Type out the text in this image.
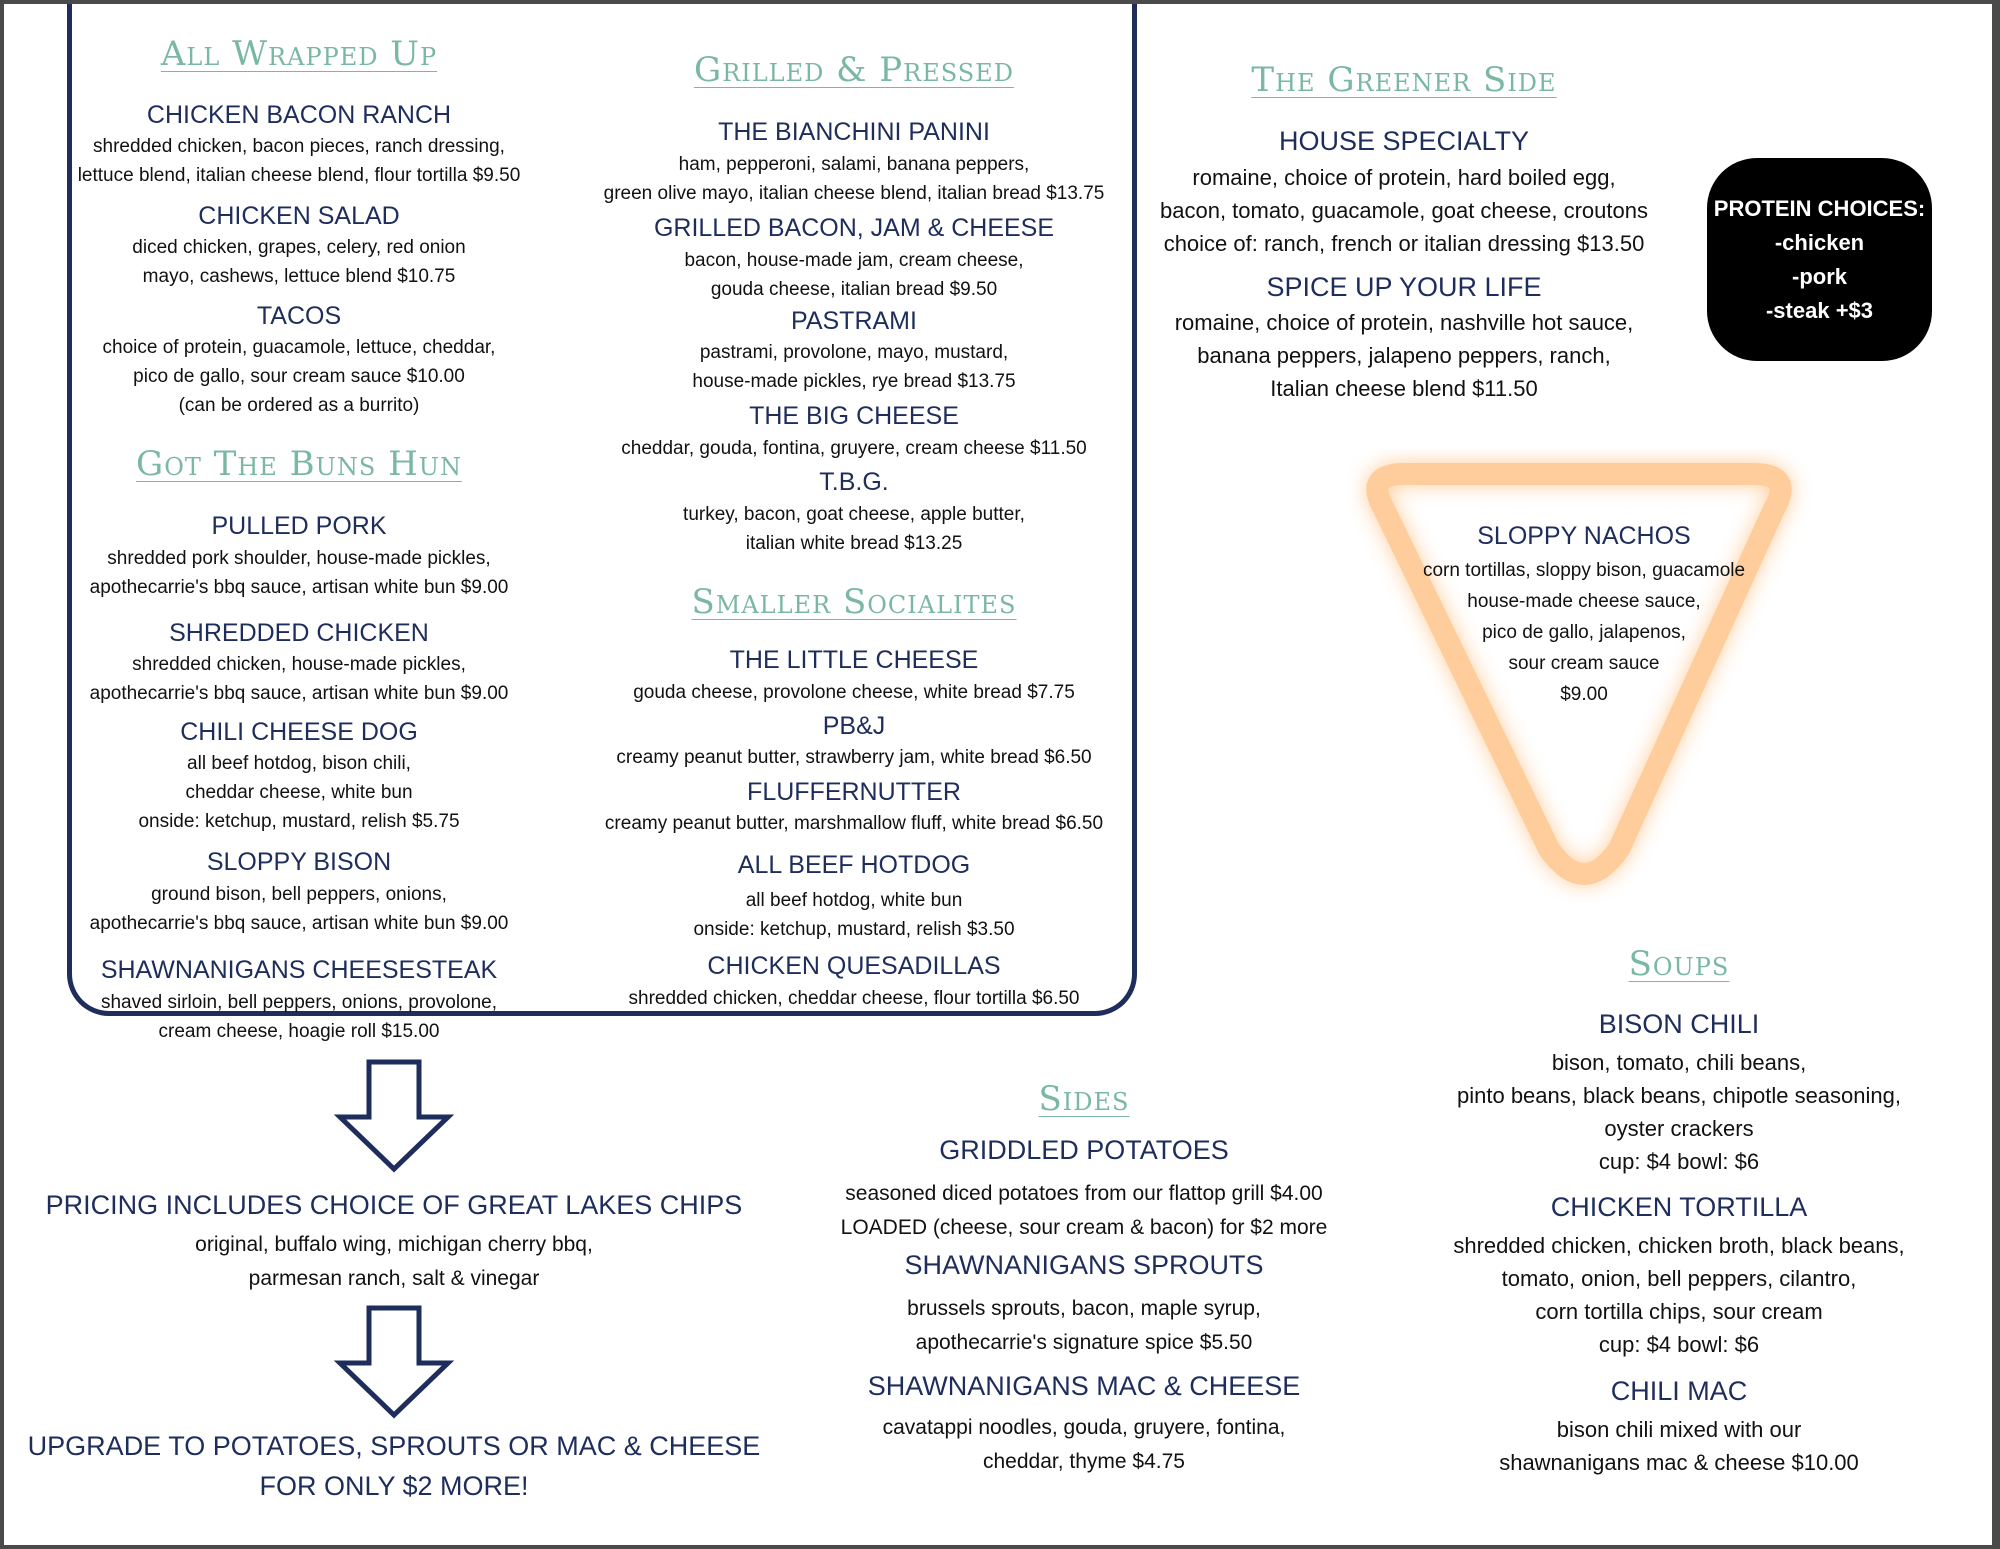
All Wrapped Up
CHICKEN BACON RANCH
shredded chicken, bacon pieces, ranch dressing,
lettuce blend, italian cheese blend, flour tortilla $9.50
CHICKEN SALAD
diced chicken, grapes, celery, red onion
mayo, cashews, lettuce blend $10.75
TACOS
choice of protein, guacamole, lettuce, cheddar,
pico de gallo, sour cream sauce $10.00
(can be ordered as a burrito)
Got The Buns Hun
PULLED PORK
shredded pork shoulder, house-made pickles,
apothecarrie's bbq sauce, artisan white bun $9.00
SHREDDED CHICKEN
shredded chicken, house-made pickles,
apothecarrie's bbq sauce, artisan white bun $9.00
CHILI CHEESE DOG
all beef hotdog, bison chili,
cheddar cheese, white bun
onside: ketchup, mustard, relish $5.75
SLOPPY BISON
ground bison, bell peppers, onions,
apothecarrie's bbq sauce, artisan white bun $9.00
SHAWNANIGANS CHEESESTEAK
shaved sirloin, bell peppers, onions, provolone,
cream cheese, hoagie roll $15.00
Grilled & Pressed
THE BIANCHINI PANINI
ham, pepperoni, salami, banana peppers,
green olive mayo, italian cheese blend, italian bread $13.75
GRILLED BACON, JAM & CHEESE
bacon, house-made jam, cream cheese,
gouda cheese, italian bread $9.50
PASTRAMI
pastrami, provolone, mayo, mustard,
house-made pickles, rye bread $13.75
THE BIG CHEESE
cheddar, gouda, fontina, gruyere, cream cheese $11.50
T.B.G.
turkey, bacon, goat cheese, apple butter,
italian white bread $13.25
Smaller Socialites
THE LITTLE CHEESE
gouda cheese, provolone cheese, white bread $7.75
PB&J
creamy peanut butter, strawberry jam, white bread $6.50
FLUFFERNUTTER
creamy peanut butter, marshmallow fluff, white bread $6.50
ALL BEEF HOTDOG
all beef hotdog, white bun
onside: ketchup, mustard, relish $3.50
CHICKEN QUESADILLAS
shredded chicken, cheddar cheese, flour tortilla $6.50
The Greener Side
HOUSE SPECIALTY
romaine, choice of protein, hard boiled egg,
bacon, tomato, guacamole, goat cheese, croutons
choice of: ranch, french or italian dressing $13.50
SPICE UP YOUR LIFE
romaine, choice of protein, nashville hot sauce,
banana peppers, jalapeno peppers, ranch,
Italian cheese blend $11.50
PROTEIN CHOICES:
-chicken
-pork
-steak +$3
SLOPPY NACHOS
corn tortillas, sloppy bison, guacamole
house-made cheese sauce,
pico de gallo, jalapenos,
sour cream sauce
$9.00
Soups
BISON CHILI
bison, tomato, chili beans,
pinto beans, black beans, chipotle seasoning,
oyster crackers
cup: $4 bowl: $6
CHICKEN TORTILLA
shredded chicken, chicken broth, black beans,
tomato, onion, bell peppers, cilantro,
corn tortilla chips, sour cream
cup: $4 bowl: $6
CHILI MAC
bison chili mixed with our
shawnanigans mac & cheese $10.00
Sides
GRIDDLED POTATOES
seasoned diced potatoes from our flattop grill $4.00
LOADED (cheese, sour cream & bacon) for $2 more
SHAWNANIGANS SPROUTS
brussels sprouts, bacon, maple syrup,
apothecarrie's signature spice $5.50
SHAWNANIGANS MAC & CHEESE
cavatappi noodles, gouda, gruyere, fontina,
cheddar, thyme $4.75
PRICING INCLUDES CHOICE OF GREAT LAKES CHIPS
original, buffalo wing, michigan cherry bbq,
parmesan ranch, salt & vinegar
UPGRADE TO POTATOES, SPROUTS OR MAC & CHEESE
FOR ONLY $2 MORE!
